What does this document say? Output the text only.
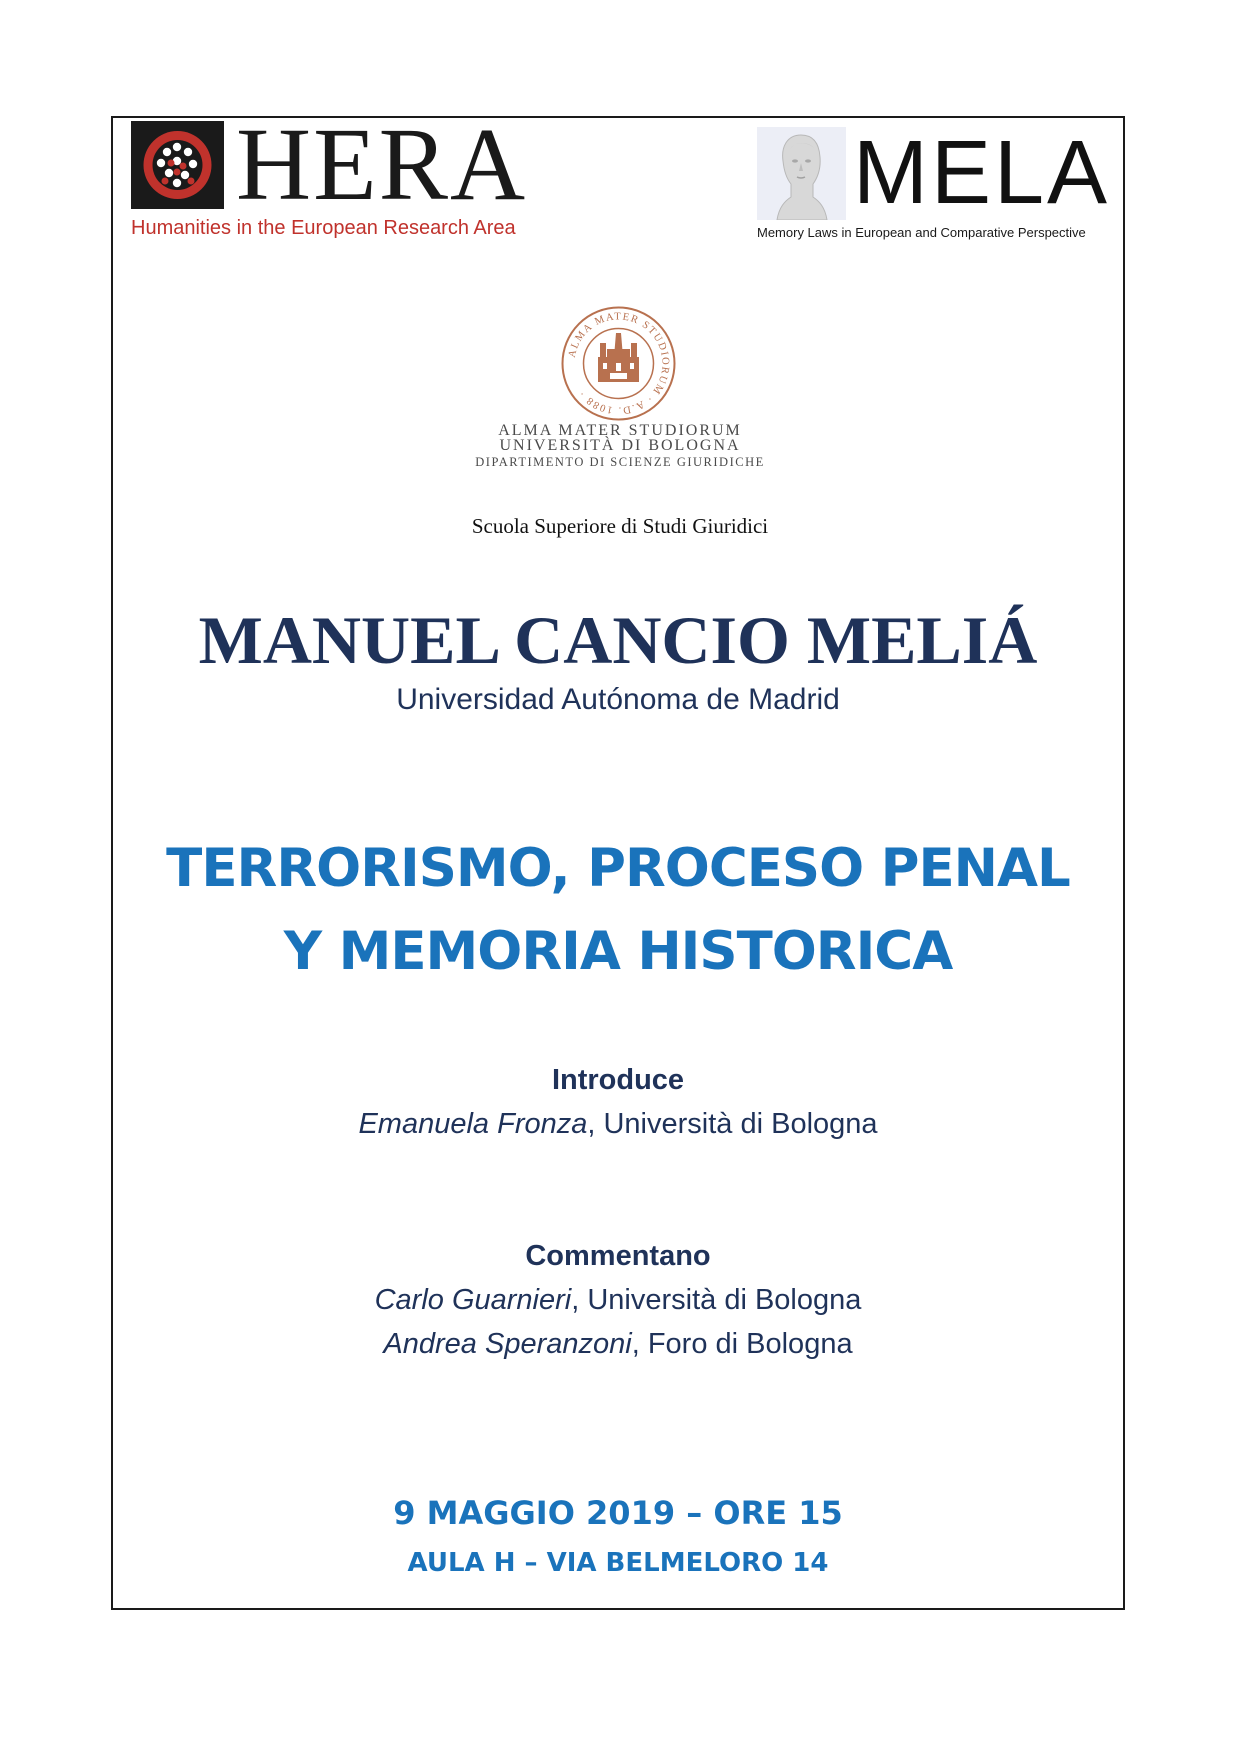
HERA
Humanities in the European Research Area
MELA
Memory Laws in European and Comparative Perspective
ALMA MATER STUDIORUM · A.D. 1088 ·
ALMA MATER STUDIORUM
UNIVERSITÀ DI BOLOGNA
DIPARTIMENTO DI SCIENZE GIURIDICHE
Scuola Superiore di Studi Giuridici
MANUEL CANCIO MELIÁ
Universidad Autónoma de Madrid
TERRORISMO, PROCESO PENAL
Y MEMORIA HISTORICA
Introduce
Emanuela Fronza, Università di Bologna
Commentano
Carlo Guarnieri, Università di Bologna
Andrea Speranzoni, Foro di Bologna
9 MAGGIO 2019 – ORE 15
AULA H – VIA BELMELORO 14
